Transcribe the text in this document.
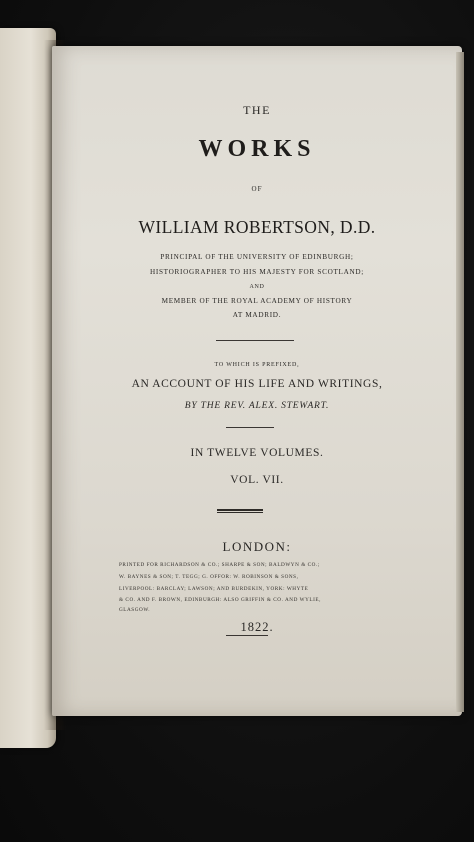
THE
WORKS
OF
WILLIAM ROBERTSON, D.D.
PRINCIPAL OF THE UNIVERSITY OF EDINBURGH;
HISTORIOGRAPHER TO HIS MAJESTY FOR SCOTLAND;
AND
MEMBER OF THE ROYAL ACADEMY OF HISTORY
AT MADRID.
TO WHICH IS PREFIXED,
AN ACCOUNT OF HIS LIFE AND WRITINGS,
BY THE REV. ALEX. STEWART.
IN TWELVE VOLUMES.
VOL. VII.
LONDON:
PRINTED FOR RICHARDSON & CO.; SHARPE & SON; BALDWYN & CO.;
W. BAYNES & SON; T. TEGG; G. OFFOR: W. ROBINSON & SONS,
LIVERPOOL: BARCLAY; LAWSON; AND BURDEKIN, YORK: WHYTE
& CO. AND F. BROWN, EDINBURGH: ALSO GRIFFIN & CO. AND WYLIE,
GLASGOW.
1822.
